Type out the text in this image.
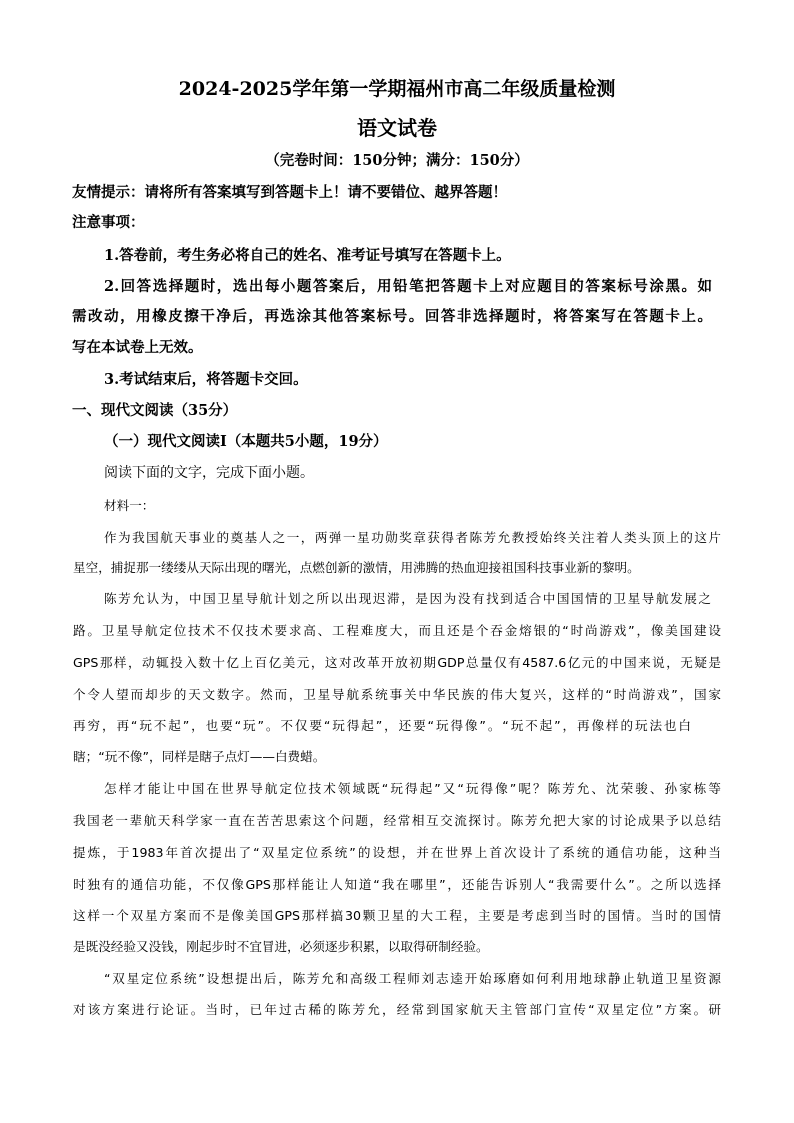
2024-2025学年第一学期福州市高二年级质量检测
语文试卷
（完卷时间：150分钟；满分：150分）
友情提示：请将所有答案填写到答题卡上！请不要错位、越界答题！
注意事项：
1.答卷前，考生务必将自己的姓名、准考证号填写在答题卡上。
2.回答选择题时，选出每小题答案后，用铅笔把答题卡上对应题目的答案标号涂黑。如
需改动，用橡皮擦干净后，再选涂其他答案标号。回答非选择题时，将答案写在答题卡上。
写在本试卷上无效。
3.考试结束后，将答题卡交回。
一、现代文阅读（35分）
（一）现代文阅读Ⅰ（本题共5小题，19分）
阅读下面的文字，完成下面小题。
材料一：
作为我国航天事业的奠基人之一，两弹一星功勋奖章获得者陈芳允教授始终关注着人类头顶上的这片
星空，捕捉那一缕缕从天际出现的曙光，点燃创新的激情，用沸腾的热血迎接祖国科技事业新的黎明。
陈芳允认为，中国卫星导航计划之所以出现迟滞，是因为没有找到适合中国国情的卫星导航发展之
路。卫星导航定位技术不仅技术要求高、工程难度大，而且还是个吞金熔银的“时尚游戏”，像美国建设
GPS那样，动辄投入数十亿上百亿美元，这对改革开放初期GDP总量仅有4587.6亿元的中国来说，无疑是
个令人望而却步的天文数字。然而，卫星导航系统事关中华民族的伟大复兴，这样的“时尚游戏”，国家
再穷，再“玩不起”，也要“玩”。不仅要“玩得起”，还要“玩得像”。“玩不起”，再像样的玩法也白
瞎；“玩不像”，同样是瞎子点灯——白费蜡。
怎样才能让中国在世界导航定位技术领域既“玩得起”又“玩得像”呢？陈芳允、沈荣骏、孙家栋等
我国老一辈航天科学家一直在苦苦思索这个问题，经常相互交流探讨。陈芳允把大家的讨论成果予以总结
提炼，于1983年首次提出了“双星定位系统”的设想，并在世界上首次设计了系统的通信功能，这种当
时独有的通信功能，不仅像GPS那样能让人知道“我在哪里”，还能告诉别人“我需要什么”。之所以选择
这样一个双星方案而不是像美国GPS那样搞30颗卫星的大工程，主要是考虑到当时的国情。当时的国情
是既没经验又没钱，刚起步时不宜冒进，必须逐步积累，以取得研制经验。
“双星定位系统”设想提出后，陈芳允和高级工程师刘志逵开始琢磨如何利用地球静止轨道卫星资源
对该方案进行论证。当时，已年过古稀的陈芳允，经常到国家航天主管部门宣传“双星定位”方案。研
